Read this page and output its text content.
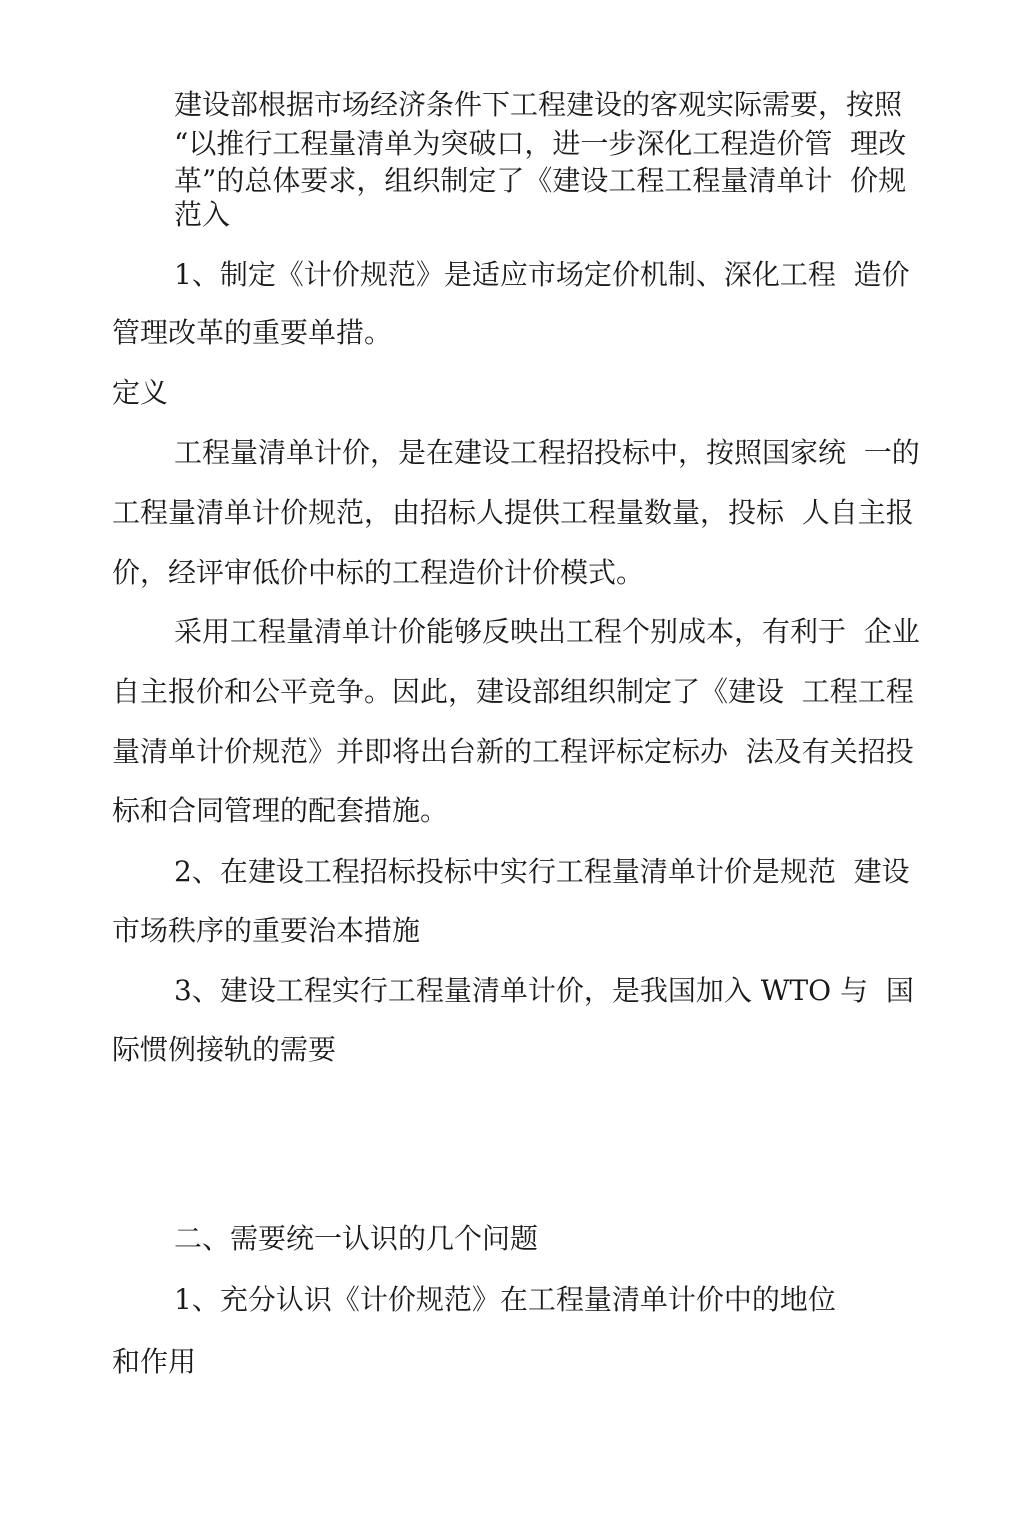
建设部根据市场经济条件下工程建设的客观实际需要，按照
“以推行工程量清单为突破口，进一步深化工程造价管  理改
革”的总体要求，组织制定了《建设工程工程量清单计  价规
范入
1、制定《计价规范》是适应市场定价机制、深化工程  造价
管理改革的重要单措。
定义
工程量清单计价，是在建设工程招投标中，按照国家统  一的
工程量清单计价规范，由招标人提供工程量数量，投标  人自主报
价，经评审低价中标的工程造价计价模式。
采用工程量清单计价能够反映出工程个别成本，有利于  企业
自主报价和公平竞争。因此，建设部组织制定了《建设  工程工程
量清单计价规范》并即将出台新的工程评标定标办  法及有关招投
标和合同管理的配套措施。
2、在建设工程招标投标中实行工程量清单计价是规范  建设
市场秩序的重要治本措施
3、建设工程实行工程量清单计价，是我国加入 WTO 与  国
际惯例接轨的需要
二、需要统一认识的几个问题
1、充分认识《计价规范》在工程量清单计价中的地位
和作用
